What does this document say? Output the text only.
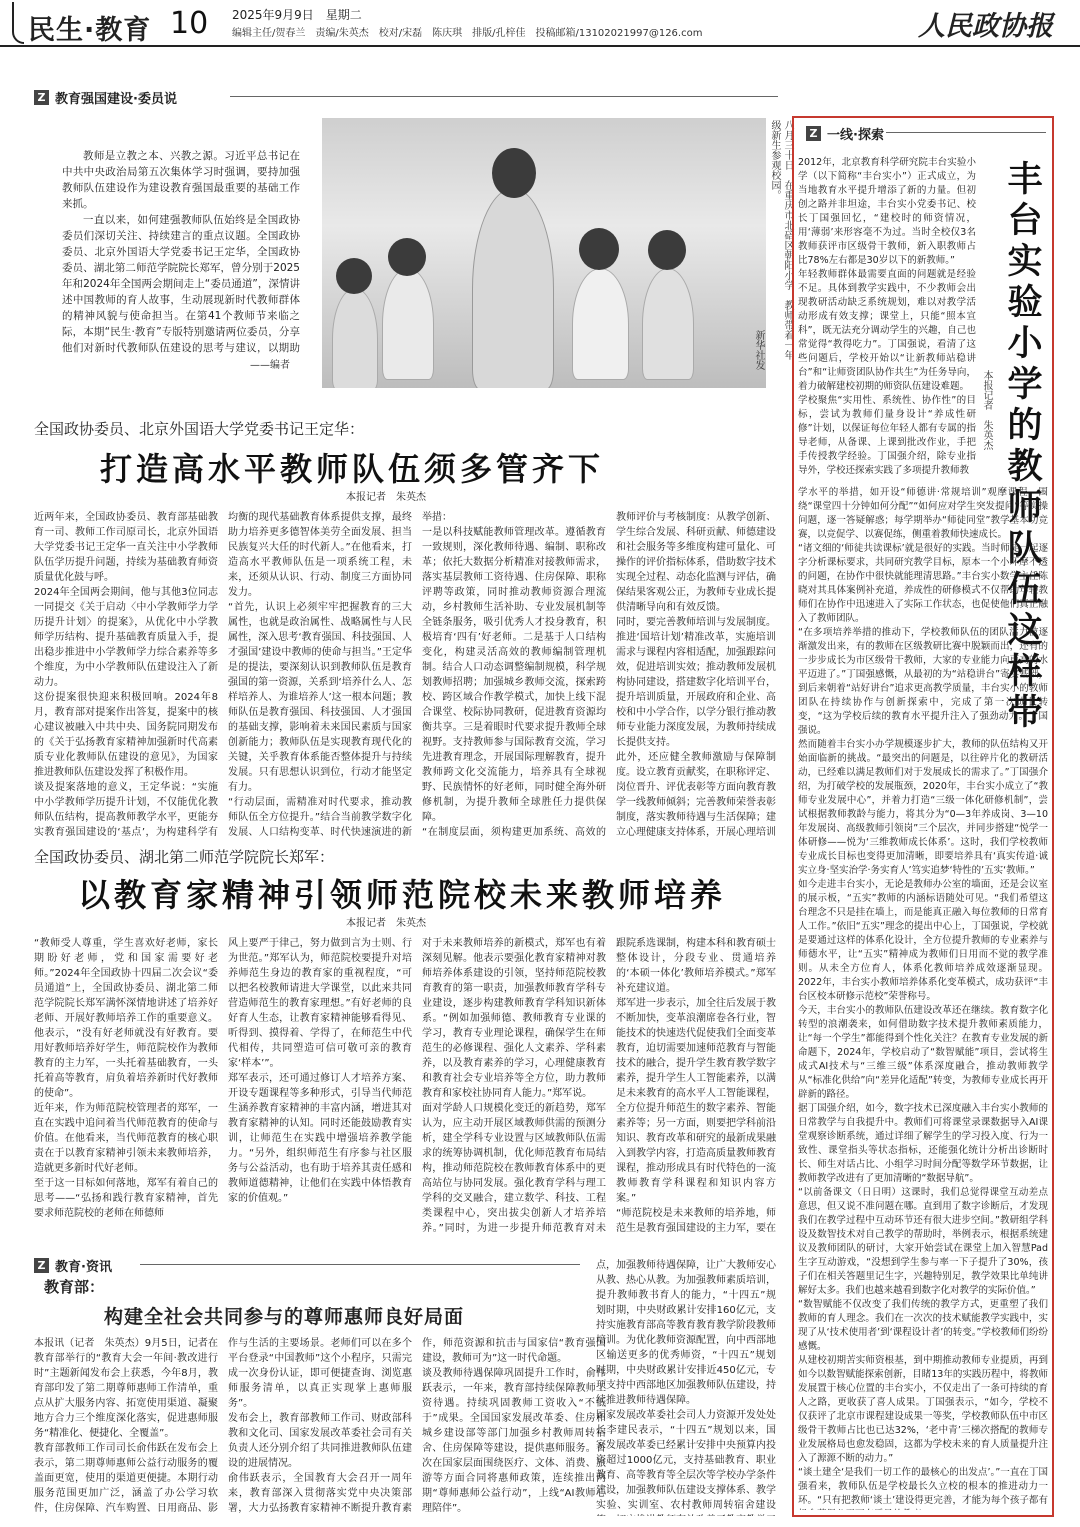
民生·教育 10 2025年9月9日　星期二
编辑主任/贺春兰　责编/朱英杰　校对/宋磊　陈庆琪　排版/孔梓佳　投稿邮箱/13102021997@126.com	人民政协报
Z 教育强国建设·委员说

教师是立教之本、兴教之源。习近平总书记在中共中央政治局第五次集体学习时强调，要持加强教师队伍建设作为建设教育强国最重要的基础工作来抓。

一直以来，如何建强教师队伍始终是全国政协委员们深切关注、持续建言的重点议题。全国政协委员、北京外国语大学党委书记王定华，全国政协委员、湖北第二师范学院院长郑军，曾分别于2025年和2024年全国两会期间走上“委员通道”，深情讲述中国教师的育人故事，生动展现新时代教师群体的精神风貌与使命担当。在第41个教师节来临之际，本期“民生·教育”专版特别邀请两位委员，分享他们对新时代教师队伍建设的思考与建议，以期助

——编者
八月三十日，在重庆市北碚区朝阳小学，教师带着一年级新生参观校园。
新华社发
全国政协委员、北京外国语大学党委书记王定华：
打造高水平教师队伍须多管齐下
本报记者　朱英杰
近两年来，全国政协委员、教育部基础教育一司、教师工作司原司长，北京外国语大学党委书记王定华一直关注中小学教师队伍学历提升问题，持续为基础教育师资质量优化鼓与呼。
2024年全国两会期间，他与其他3位同志一同提交《关于启动〈中小学教师学力学历提升计划〉的提案》，从优化中小学教师学历结构、提升基础教育质量入手，提出稳步推进中小学教师学力综合素养等多个维度，为中小学教师队伍建设注入了新动力。
这份提案很快迎来积极回响。2024年8月，教育部对提案作出答复，提案中的核心建议被融入中共中央、国务院同期发布的《关于弘扬教育家精神加强新时代高素质专业化教师队伍建设的意见》，为国家推进教师队伍建设发挥了积极作用。
谈及提案落地的意义，王定华说：“实施中小学教师学历提升计划，不仅能优化教师队伍结构，提高教师教学水平，更能夯实教育强国建设的‘基点’，为构建科学有
均衡的现代基础教育体系提供支撑，最终助力培养更多德智体美劳全面发展、担当民族复兴大任的时代新人。”在他看来，打造高水平教师队伍是一项系统工程，未来，还须从认识、行动、制度三方面协同发力。
“首先，认识上必须牢牢把握教育的三大属性，也就是政治属性、战略属性与人民属性，深入思考‘教育强国、科技强国、人才强国’建设中教师的使命与担当。”王定华是的提法，要深刻认识到教师队伍是教育强国的第一资源，关系到‘培养什么人、怎样培养人、为谁培养人’这一根本问题；教师队伍是教育强国、科技强国、人才强国的基础支撑，影响着未来国民素质与国家创新能力；教师队伍是实现教育现代化的关键，关乎教育体系能否整体提升与持续发展。只有思想认识到位，行动才能坚定有力。
“行动层面，需精准对时代要求，推动教师队伍全方位提升。”结合当前教学数字化发展、人口结构变革、时代快速演进的新
举措：
一是以科技赋能教师管理改革。遵循教育一致规则，深化教师待遇、编制、职称改革；依托大数据分析精准对接教师需求，落实基层教师工资待遇、住房保障、职称评聘等政策，同时推动教师资源合理流动，乡村教师生活补助、专业发展机制等全链条服务，吸引优秀人才投身教育，积极培育‘四有’好老师。二是基于人口结构变化，构建灵活高效的教师编制管理机制。结合人口动态调整编制规模，科学规划教师招聘；加强城乡教师交流，探索跨校、跨区域合作教学模式，加快上线下混合课堂、校际协同教研，促进教育资源均衡共享。三是着眼时代要求提升教师全球视野。支持教师参与国际教育交流，学习先进教育理念，开展国际理解教育，提升教师跨文化交流能力，培养具有全球视野、民族情怀的好老师，同时健全海外研修机制，为提升教师全球胜任力提供保障。
“在制度层面，须构建更加系统、高效的
教师评价与考核制度：从教学创新、学生综合发展、科研贡献、师德建设和社会服务等多维度构建可量化、可操作的评价指标体系，借助数字技术实现全过程、动态化监测与评估，确保结果客观公正，为教师专业成长提供清晰导向和有效反馈。
同时，要完善教师培训与发展制度。推进‘国培计划’精准改革，实施培训需求与课程内容相适配，加强跟踪问效，促进培训实效；推动教师发展机构协同建设，搭建数字化培训平台，提升培训质量，开展政府和企业、高校和中小学合作，以学分银行推动教师专业能力深度发展，为教师持续成长提供支持。
此外，还应健全教师激励与保障制度。设立教育贡献奖，在职称评定、岗位晋升、评优表彰等方面向教育教学一线教师倾斜；完善教师荣誉表彰制度，落实教师待遇与生活保障；建立心理健康支持体系，开展心理培训
全国政协委员、湖北第二师范学院院长郑军：
以教育家精神引领师范院校未来教师培养
本报记者　朱英杰
“教师受人尊重，学生喜欢好老师，家长期盼好老师，党和国家需要好老师。”2024年全国政协十四届二次会议“委员通道”上，全国政协委员、湖北第二师范学院院长郑军满怀深情地讲述了培养好老师、开展好教师培养工作的重要意义。他表示，“没有好老师就没有好教育。要用好教师培养好学生，师范院校作为教师教育的主力军，一头托着基础教育，一头托着高等教育，肩负着培养新时代好教师的使命”。
近年来，作为师范院校管理者的郑军，一直在实践中追问着当代师范教育的使命与价值。在他看来，当代师范教育的核心职责在于以教育家精神引领未来教师培养，造就更多新时代好老师。
至于这一目标如何落地，郑军有着自己的思考——“弘扬和践行教育家精神，首先要求师范院校的老师在师德师
风上要严于律己，努力做到言为士则、行为世范。”郑军认为，师范院校要提升对培养师范生身边的教育家的重视程度，“可以把名校教师请进大学课堂，以此来共同营造师范生的教育家理想。”有好老师的良好育人生态，让教育家精神能够看得见、听得到、摸得着、学得了，在师范生中代代相传，共同塑造可信可敬可亲的教育家‘样本’”。
郑军表示，还可通过修订人才培养方案、开设专题课程等多种形式，引导当代师范生涵养教育家精神的丰富内涵，增进其对教育家精神的认知。同时还能鼓励教育实训，让师范生在实践中增强培养教学能力。“另外，组织师范生有序参与社区服务与公益活动，也有助于培养其责任感和教师道德精神，让他们在实践中体悟教育家的价值观。”
对于未来教师培养的新模式，郑军也有着深刻见解。他表示要强化教育家精神对教师培养体系建设的引领，坚持师范院校教育教育的第一职责，加强教师教育学科专业建设，逐步构建教师教育学科知识新体系。“例如加强师德、教师教育专业课的学习，教育专业理论课程，确保学生在师范生的必修课程、强化人文素养、学科素养，以及教育素养的学习，心理健康教育和教育社会专业培养等全方位，助力教师教育和家校社协同育人能力。”郑军说。
面对学龄人口规模化变迁的新趋势，郑军认为，应主动开展区域教师供需的预测分析，建全学科专业设置与区域教师队伍需求的统筹协调机制，优化师范教育布局结构，推动师范院校在教师教育体系中的更高站位与协同发展。强化教育学科与理工学科的交叉融合，建立数学、科技、工程类课程中心，突出拔尖创新人才培养培养。”同时，为进一步提升师范教育对未
跟院系选课制，构建本科和教育硕士整体设计，分段专业、贯通培养的‘本硕一体化’教师培养模式。”郑军补充建议道。
郑军进一步表示，加全往后发展于教不断加快，变革浪潮席卷各行业，智能技术的快速迭代促使我们全面变革教育，迫切需要加速师范教育与智能技术的融合，提升学生教育教学数字素养，提升学生人工智能素养，以满足未来教育的高水平人工智能课程，全方位提升师范生的数字素养、智能素养等；另一方面，则要把学科前沿知识、教育改革和研究的最新成果融入到教学内容，打造高质量教师教育课程，推动形成具有时代特色的一流教师教育学科课程和知识内容方案。”
“师范院校是未来教师的培养地，师范生是教育强国建设的主力军，要在
Z 教育·资讯
教育部：
构建全社会共同参与的尊师惠师良好局面
本报讯（记者　朱英杰）9月5日，记者在教育部举行的“教育大会一年间·教改进行时”主题新闻发布会上获悉，今年8月，教育部印发了第二期尊师惠师工作清单，重点从扩大服务内容、拓宽使用渠道、凝聚地方合力三个维度深化落实，促进惠师服务“精准化、便捷化、全覆盖”。
教育部教师工作司司长俞伟跃在发布会上表示，第二期尊师惠师公益行动服务的覆盖面更宽，使用的渠道更便捷。本期行动服务范围更加广泛，涵盖了办公学习软件，住房保障、汽车购置、日用商品、影
作与生活的主要场景。老师们可以在多个平台登录“中国教师”这个小程序，只需完成一次身份认证，即可便捷查询、浏览惠师服务清单，以真正实现掌上惠师服务”。
发布会上，教育部教师工作司、财政部科教和文化司、国家发展改革委社会司有关负责人还分别介绍了共同推进教师队伍建设的进展情况。
俞伟跃表示，全国教育大会召开一周年来，教育部深入贯彻落实党中央决策部署，大力弘扬教育家精神不断提升教育素
作，师范资源和抗击与国家信“教育强国建设，教师可为”这一时代命题。
谈及教师待遇保障巩固提升工作时，俞伟跃表示，一年来，教育部持续保障教师工资待遇。持续巩固教师工资收入“不低于”成果。全国国家发展改革委、住房和城乡建设部等部门加强乡村教师周转宿舍、住房保障等建设，提供惠师服务。首次在国家层面围绕医疗、文体、消费、旅游等方面合同将惠师政策，连续推出两期“尊师惠师公益行动”，上线“AI教师心理陪伴”。

点，加强教师待遇保障，让广大教师安心从教、热心从教。为加强教师素质培训，提升教师教书育人的能力，“十四五”规划时期，中央财政累计安排160亿元，支持实施教育部高等教育教育教学阶段教师培训。为优化教师资源配置，向中西部地区输送更多的优秀师资，“十四五”规划时期，中央财政累计安排近450亿元，专项支持中西部地区加强教师队伍建设，持续推进教师待遇保障。
国家发展改革委社会司人力资源开发处处长李建民表示，“十四五”规划以来，国家发展改革委已经累计安排中央预算内投资超过1000亿元，支持基础教育、职业教育、高等教育等全层次等学校办学条件建设，加强教师队伍建设支撑体系、教学实验、实训室、农村教师周转宿舍建设
Z 一线·探索
丰台实验小学的教师队伍这样带
本报记者　朱英杰
2012年，北京教育科学研究院丰台实验小学（以下简称“丰台实小”）正式成立，为当地教育水平提升增添了新的力量。但初创之路并非坦途，丰台实小党委书记、校长丁国强回忆，“建校时的师资情况，用‘薄弱’来形容毫不为过。当时全校仅3名教师获评市区级骨干教师，新入职教师占比78%左右都是30岁以下的新教师。”
年轻教师群体最需要直面的问题就是经验不足。具体到教学实践中，不少教师会出现教研活动缺乏系统规划，难以对教学活动形成有效支撑；课堂上，只能“照本宣科”，既无法充分调动学生的兴趣，自己也常觉得“教得吃力”。丁国强说，看清了这些问题后，学校开始以“让新教师站稳讲台”和“让师资团队协作共生”为任务导向，着力破解建校初期的师资队伍建设难题。
学校聚焦“实用性、系统性、协作性”的目标，尝试为教师们量身设计“养成性研修”计划，以保证每位年轻人都有专属的指导老师，从备课、上课到批改作业，手把手传授教学经验。丁国强介绍，除专业指导外，学校还探索实践了多项提升教师教
学水平的举措，如开设“师德讲·常规培训”观摩课程，围绕“课堂四十分钟如何分配”“如何应对学生突发提问”等实操问题，逐一答疑解惑；每学期举办“师徒同堂”教学基本功竞赛，以竞促学、以赛促练，侧重着教师快速成长。
“诸文细的‘师徒共读课标’就是很好的实践。当时师徒一起逐字分析课标要求，共同研究教学目标，原本一个小环摩不透的问题，在协作中很快就能理清思路。”丰台实小数学主任陈晓对其具体案例补充道，养成性的研修模式不仅帮助年轻教师们在协作中迅速进入了实际工作状态，也促使他们真正融入了教师团队。
“在多项培养举措的推动下，学校教师队伍的团队活力被逐渐激发出来，有的教师在区级教研比赛中脱颖而出，还有的一步步成长为市区级骨干教师，大家的专业能力向更高的水平迈进了。”丁国强感慨，从最初的为“站稳讲台”寄实基础，到后来朝着“站好讲台”追求更高教学质量，丰台实小的教师团队在持续协作与创新探索中，完成了第一次成长转变，“这为学校后续的教育水平提升注入了强劲动力。”丁国强说。
然而随着丰台实小办学规模逐步扩大，教师的队伍结构又开始面临新的挑战。“最突出的问题是，以往碎片化的教研活动，已经难以满足教师们对于发展成长的需求了。”丁国强介绍，为打破学校的发展瓶颈，2020年，丰台实小成立了“教师专业发展中心”，并着力打造“三级一体化研修机制”，尝试根据教师教龄与能力，将其分为“0—3年养成岗、3—10年发展岗、高级教师引领岗”三个层次，并同步搭建“悦学一体研修——悦为‘三维教师成长体系’。这时，我们学校教师专业成长目标也变得更加清晰，即要培养具有‘真实传道·诚实立身·坚实治学·务实育人’笃实追梦‘特性的’五实‘教师。”
如今走进丰台实小，无论是教师办公室的墙面，还是会议室的展示板，“五实”教师的内涵标语随处可见。“我们希望这台理念不只是挂在墙上，而是能真正融入每位教师的日常育人工作。”依旧“五实”理念的提出中心上，丁国强说，学校就是要通过这样的体系化设计，全方位提升教师的专业素养与师德水平，让“五实”精神成为教师们日用而不觉的教学准则。从未全方位育人，体系化教师培养成效逐渐显现。2022年，丰台实小教师培养体系化变革模式，成功获评“丰台区校本研修示范校”荣誉称号。
今天，丰台实小的教师队伍建设改革还在继续。教育数字化转型的浪潮袭来，如何借助数字技术提升教师素质能力，让“每一个学生”都能得到个性化关注？在教育专业发展的新命题下，2024年，学校启动了“数智赋能”项目，尝试将生成式AI技术与“三维三级”体系深度融合，推动教师教学从“标准化供给”向“差异化适配”转变，为教师专业成长再开辟新的路径。
据丁国强介绍，如今，数字技术已深度融入丰台实小教师的日常教学与自我提升中。教师们可将课堂录课数据导入AI课堂观察诊断系统，通过详细了解学生的学习投入度、行为一致性、课堂指头等状态指标，还能强化统计分析出诊断时长、师生对话占比、小组学习时间分配等数学环节数据，让教师教学改进有了更加清晰的“数据导航”。
“以前备课文（日日明）这课时，我们总觉得课堂互动差点意思，但又说不准问题在哪。直到用了数字诊断后，才发现我们在教学过程中互动环节还有很大进步空间。”教研组学科设及数智技术对自己教学的帮助时，举例表示，根据系统建议及教师团队的研讨，大家开始尝试在课堂上加入智慧Pad生字互动游戏，“没想到学生参与率一下子提升了30%，孩子们在相关答题里记生字，兴趣特别足，教学效果比单纯讲解好太多。我们也越来越看到数字化对教学的实际价值。”
“数智赋能不仅改变了我们传统的教学方式，更重塑了我们教师的育人理念。我们在一次次的技术赋能教学实践中，实现了从‘技术使用者’到‘课程设计者’的转变。”学校教师们纷纷感慨。
从建校初期苦实师资根基，到中期推动教师专业提质，再到如今以数智赋能探索创新，目睹13年的实践历程中，将教师发展置于核心位置的丰台实小，不仅走出了一条可持续的育人之路，更收获了喜人成果。丁国强表示，“如今，学校不仅获评了北京市课程建设成果一等奖，学校教师队伍中市区级骨干教师占比也已达32%，‘老中青’三梯次搭配的教师专业发展格局也愈发稳固，这都为学校未来的育人质量提升注入了源源不断的动力。”
“谈土建全‘是我们一切工作的最核心的出发点’。”一直在丁国强看来，教师队伍是学校最长久立校的根本的推进动力一环。“只有把教师‘谈土’建设得更完善，才能为每个孩子都有
